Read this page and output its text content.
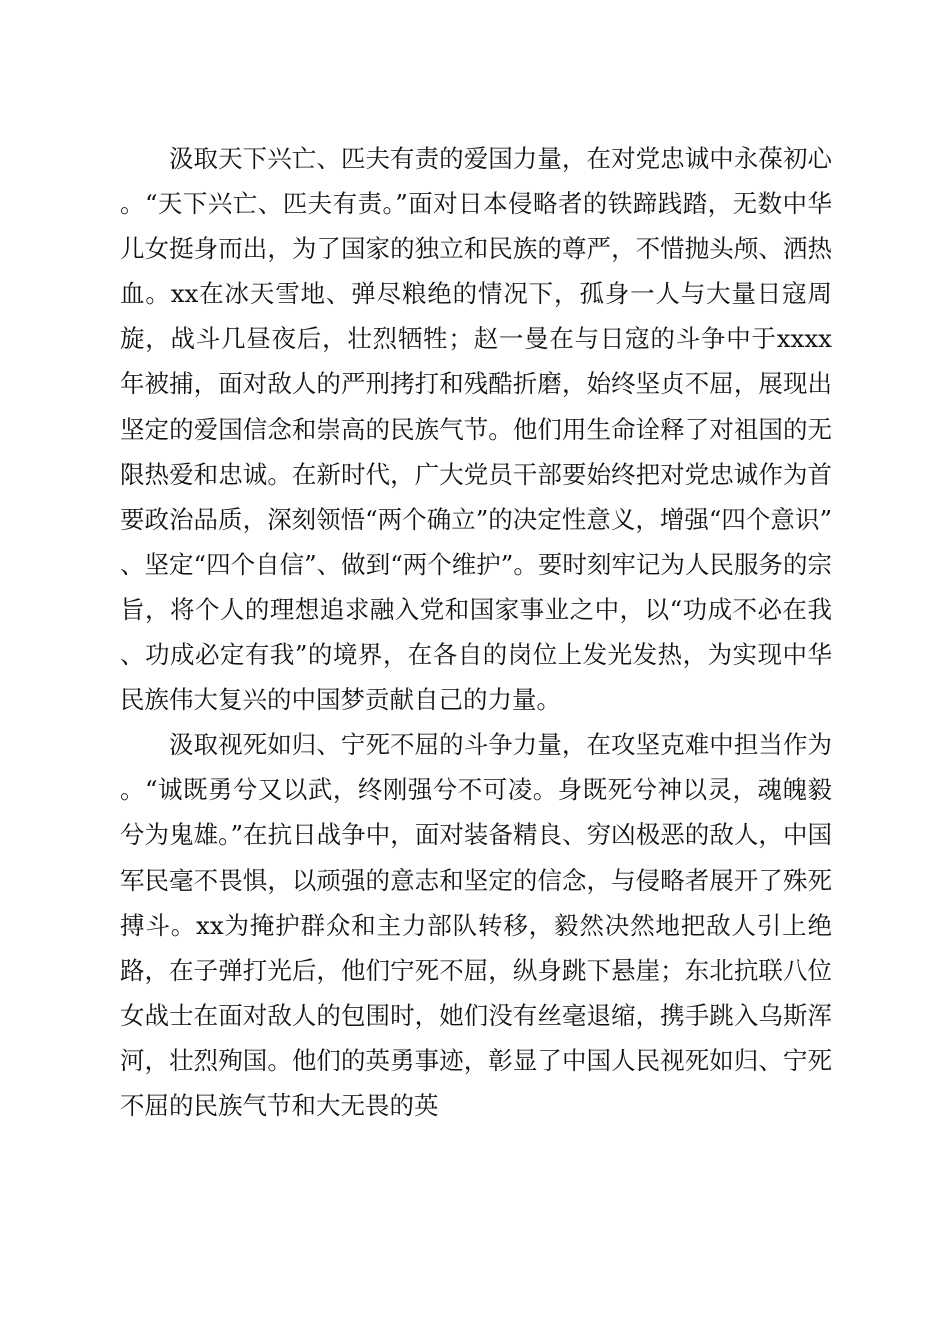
汲取天下兴亡、匹夫有责的爱国力量，在对党忠诚中永葆初心。“天下兴亡、匹夫有责。”面对日本侵略者的铁蹄践踏，无数中华儿女挺身而出，为了国家的独立和民族的尊严，不惜抛头颅、洒热血。xx在冰天雪地、弹尽粮绝的情况下，孤身一人与大量日寇周旋，战斗几昼夜后，壮烈牺牲；赵一曼在与日寇的斗争中于xxxx年被捕，面对敌人的严刑拷打和残酷折磨，始终坚贞不屈，展现出坚定的爱国信念和崇高的民族气节。他们用生命诠释了对祖国的无限热爱和忠诚。在新时代，广大党员干部要始终把对党忠诚作为首要政治品质，深刻领悟“两个确立”的决定性意义，增强“四个意识”、坚定“四个自信”、做到“两个维护”。要时刻牢记为人民服务的宗旨，将个人的理想追求融入党和国家事业之中，以“功成不必在我、功成必定有我”的境界，在各自的岗位上发光发热，为实现中华民族伟大复兴的中国梦贡献自己的力量。

汲取视死如归、宁死不屈的斗争力量，在攻坚克难中担当作为。“诚既勇兮又以武，终刚强兮不可凌。身既死兮神以灵，魂魄毅兮为鬼雄。”在抗日战争中，面对装备精良、穷凶极恶的敌人，中国军民毫不畏惧，以顽强的意志和坚定的信念，与侵略者展开了殊死搏斗。xx为掩护群众和主力部队转移，毅然决然地把敌人引上绝路，在子弹打光后，他们宁死不屈，纵身跳下悬崖；东北抗联八位女战士在面对敌人的包围时，她们没有丝毫退缩，携手跳入乌斯浑河，壮烈殉国。他们的英勇事迹，彰显了中国人民视死如归、宁死不屈的民族气节和大无畏的英
